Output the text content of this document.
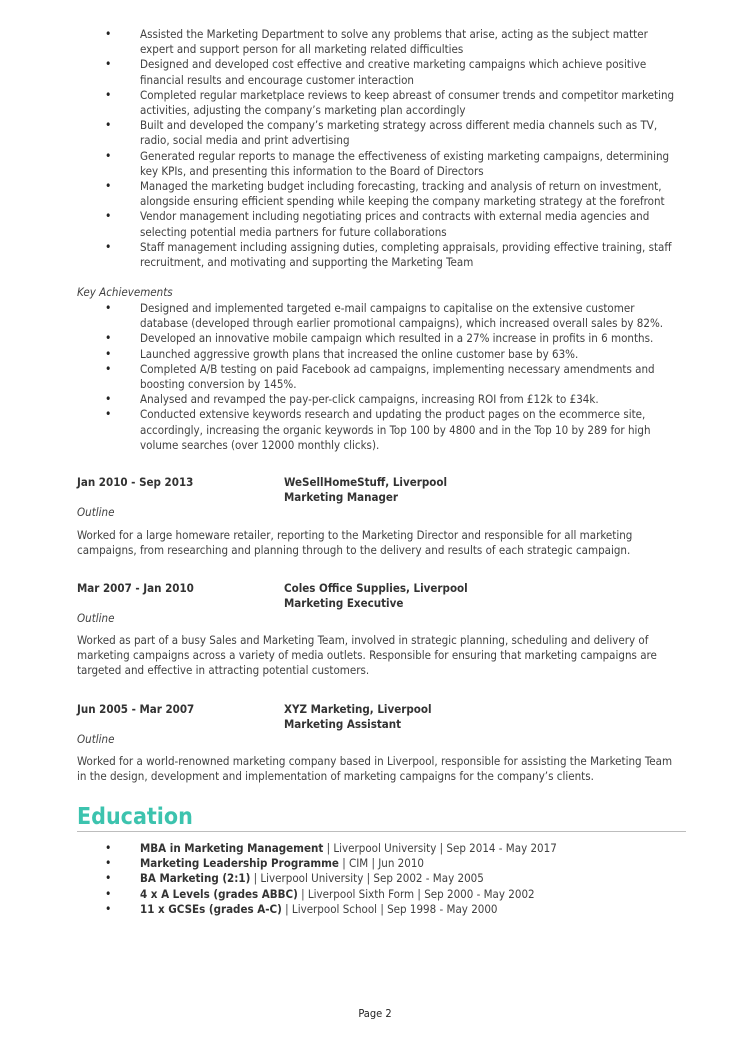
• Assisted the Marketing Department to solve any problems that arise, acting as the subject matter expert and support person for all marketing related difficulties
• Designed and developed cost effective and creative marketing campaigns which achieve positive financial results and encourage customer interaction
• Completed regular marketplace reviews to keep abreast of consumer trends and competitor marketing activities, adjusting the company’s marketing plan accordingly
• Built and developed the company’s marketing strategy across different media channels such as TV, radio, social media and print advertising
• Generated regular reports to manage the effectiveness of existing marketing campaigns, determining key KPIs, and presenting this information to the Board of Directors
• Managed the marketing budget including forecasting, tracking and analysis of return on investment, alongside ensuring efficient spending while keeping the company marketing strategy at the forefront
• Vendor management including negotiating prices and contracts with external media agencies and selecting potential media partners for future collaborations
• Staff management including assigning duties, completing appraisals, providing effective training, staff recruitment, and motivating and supporting the Marketing Team
Key Achievements
• Designed and implemented targeted e-mail campaigns to capitalise on the extensive customer database (developed through earlier promotional campaigns), which increased overall sales by 82%.
• Developed an innovative mobile campaign which resulted in a 27% increase in profits in 6 months.
• Launched aggressive growth plans that increased the online customer base by 63%.
• Completed A/B testing on paid Facebook ad campaigns, implementing necessary amendments and boosting conversion by 145%.
• Analysed and revamped the pay-per-click campaigns, increasing ROI from £12k to £34k.
• Conducted extensive keywords research and updating the product pages on the ecommerce site, accordingly, increasing the organic keywords in Top 100 by 4800 and in the Top 10 by 289 for high volume searches (over 12000 monthly clicks).
Jan 2010 - Sep 2013	WeSellHomeStuff, Liverpool
Marketing Manager
Outline
Worked for a large homeware retailer, reporting to the Marketing Director and responsible for all marketing campaigns, from researching and planning through to the delivery and results of each strategic campaign.
Mar 2007 - Jan 2010	Coles Office Supplies, Liverpool
Marketing Executive
Outline
Worked as part of a busy Sales and Marketing Team, involved in strategic planning, scheduling and delivery of marketing campaigns across a variety of media outlets. Responsible for ensuring that marketing campaigns are targeted and effective in attracting potential customers.
Jun 2005 - Mar 2007	XYZ Marketing, Liverpool
Marketing Assistant
Outline
Worked for a world-renowned marketing company based in Liverpool, responsible for assisting the Marketing Team in the design, development and implementation of marketing campaigns for the company’s clients.
Education
• MBA in Marketing Management | Liverpool University | Sep 2014 - May 2017
• Marketing Leadership Programme | CIM | Jun 2010
• BA Marketing (2:1) | Liverpool University | Sep 2002 - May 2005
• 4 x A Levels (grades ABBC) | Liverpool Sixth Form | Sep 2000 - May 2002
• 11 x GCSEs (grades A-C) | Liverpool School | Sep 1998 - May 2000
Page 2
